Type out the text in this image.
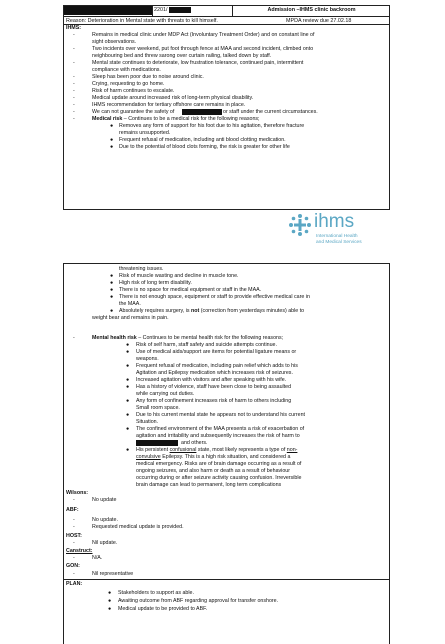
2201/	Admission –IHMS clinic backroom
Reason: Deterioration in Mental state with threats to kill himself.	MPDA review due 27.02.18
IHMS:
-	Remains in medical clinic under MDP Act (Involuntary Treatment Order) and on constant line of
sight observations.
-	Two incidents over weekend, put foot through fence at MAA and second incident, climbed onto
neighbouring bed and threw sarong over curtain railing, talked down by staff.
-	Mental state continues to deteriorate, low frustration tolerance, continued pain, intermittent
compliance with medications.
-	Sleep has been poor due to noise around clinic.
-	Crying, requesting to go home.
-	Risk of harm continues to escalate.
-	Medical update around increased risk of long-term physical disability.
-	IHMS recommendation for tertiary offshore care remains in place.
-	We can not guarantee the safety of	or staff under the current circumstances.
-	Medical risk – Continues to be a medical risk for the following reasons;
● Removes any form of support for his foot due to his agitation, therefore fracture
remains unsupported.
● Frequent refusal of medication, including anti blood clotting medication.
● Due to the potential of blood clots forming, the risk is greater for other life
ihms
International Health
and Medical Services
threatening issues.
● Risk of muscle wasting and decline in muscle tone.
● High risk of long term disability.
● There is no space for medical equipment or staff in the MAA.
● There is not enough space, equipment or staff to provide effective medical care in
the MAA.
● Absolutely requires surgery, is not (correction from yesterdays minutes) able to
weight bear and remains in pain.
-	Mental health risk – Continues to be mental health risk for the following reasons;
● Risk of self harm, staff safety and suicide attempts continue.
● Use of medical aids/support are items for potential ligature means or
weapons.
● Frequent refusal of medication, including pain relief which adds to his
Agitation and Epilepsy medication which increases risk of seizures.
● Increased agitation with visitors and after speaking with his wife.
● Has a history of violence, staff have been close to being assaulted
while carrying out duties.
● Any form of confinement increases risk of harm to others including
Small room space.
● Due to his current mental state he appears not to understand his current
Situation.
● The confined environment of the MAA presents a risk of exacerbation of
agitation and irritability and subsequently increases the risk of harm to
and others.
● His persistent confusional state, most likely represents a type of non-
convulsive Epilepsy. This is a high risk situation, and considered a
medical emergency. Risks are of brain damage occurring as a result of
ongoing seizures, and also harm or death as a result of behaviour
occurring during or after seizure activity causing confusion. Irreversible
brain damage can lead to permanent, long term complications
Wilsons:
-	No update
ABF:
-	No update.
-	Requested medical update is provided.
HOST:
-	Nil update.
Canstruct:
-	N/A.
GON:
-	Nil representative
PLAN:
● Stakeholders to support as able.
● Awaiting outcome from ABF regarding approval for transfer onshore.
● Medical update to be provided to ABF.
